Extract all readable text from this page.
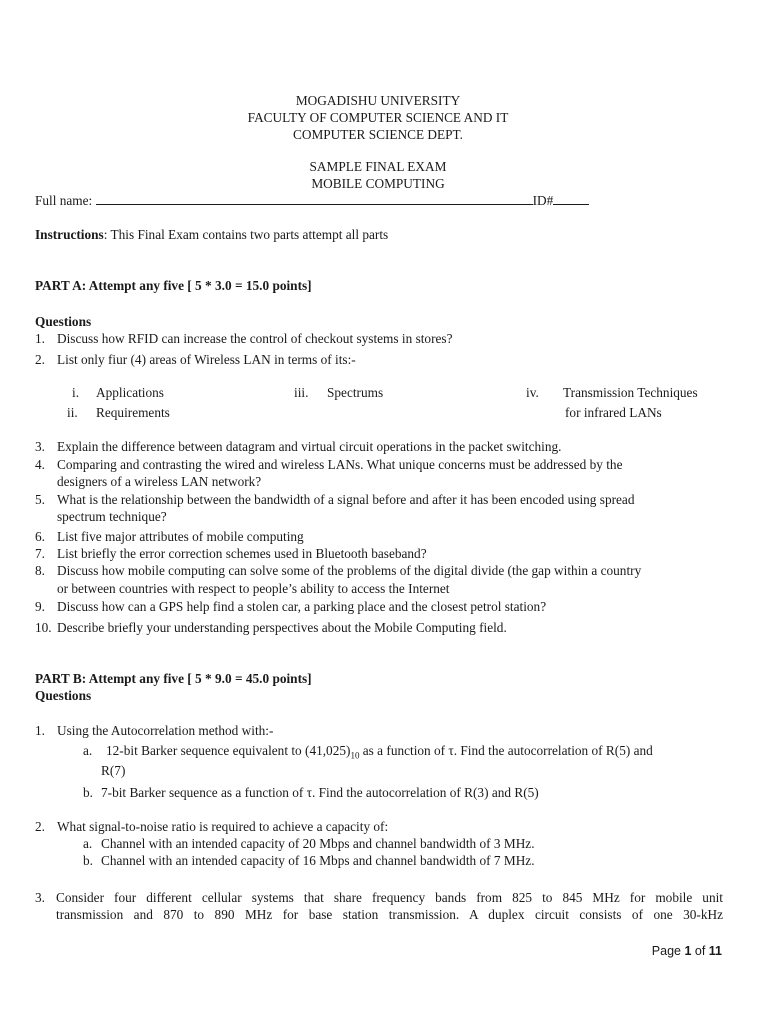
MOGADISHU UNIVERSITY
FACULTY OF COMPUTER SCIENCE AND IT
COMPUTER SCIENCE DEPT.
SAMPLE FINAL EXAM
MOBILE COMPUTING
Full name:	ID#
Instructions: This Final Exam contains two parts attempt all parts
PART A: Attempt any five [ 5 * 3.0 = 15.0 points]
Questions
1. Discuss how RFID can increase the control of checkout systems in stores?
2. List only fiur (4) areas of Wireless LAN in terms of its:-
i. Applications
ii. Requirements
iii. Spectrums	iv. Transmission Techniques
for infrared LANs
3. Explain the difference between datagram and virtual circuit operations in the packet switching.
4. Comparing and contrasting the wired and wireless LANs. What unique concerns must be addressed by the
designers of a wireless LAN network?
5. What is the relationship between the bandwidth of a signal before and after it has been encoded using spread
spectrum technique?
6. List five major attributes of mobile computing
7. List briefly the error correction schemes used in Bluetooth baseband?
8. Discuss how mobile computing can solve some of the problems of the digital divide (the gap within a country
or between countries with respect to people’s ability to access the Internet
9. Discuss how can a GPS help find a stolen car, a parking place and the closest petrol station?
10. Describe briefly your understanding perspectives about the Mobile Computing field.
PART B: Attempt any five [ 5 * 9.0 = 45.0 points]
Questions
1. Using the Autocorrelation method with:-
a. 12-bit Barker sequence equivalent to $(41,025)_{10}$ as a function of τ. Find the autocorrelation of R(5) and
R(7)
b. 7-bit Barker sequence as a function of τ. Find the autocorrelation of R(3) and R(5)
2. What signal-to-noise ratio is required to achieve a capacity of:
a. Channel with an intended capacity of 20 Mbps and channel bandwidth of 3 MHz.
b. Channel with an intended capacity of 16 Mbps and channel bandwidth of 7 MHz.
3. Consider four different cellular systems that share frequency bands from 825 to 845 MHz for mobile unit
transmission and 870 to 890 MHz for base station transmission. A duplex circuit consists of one 30-kHz
Page 1 of 11
